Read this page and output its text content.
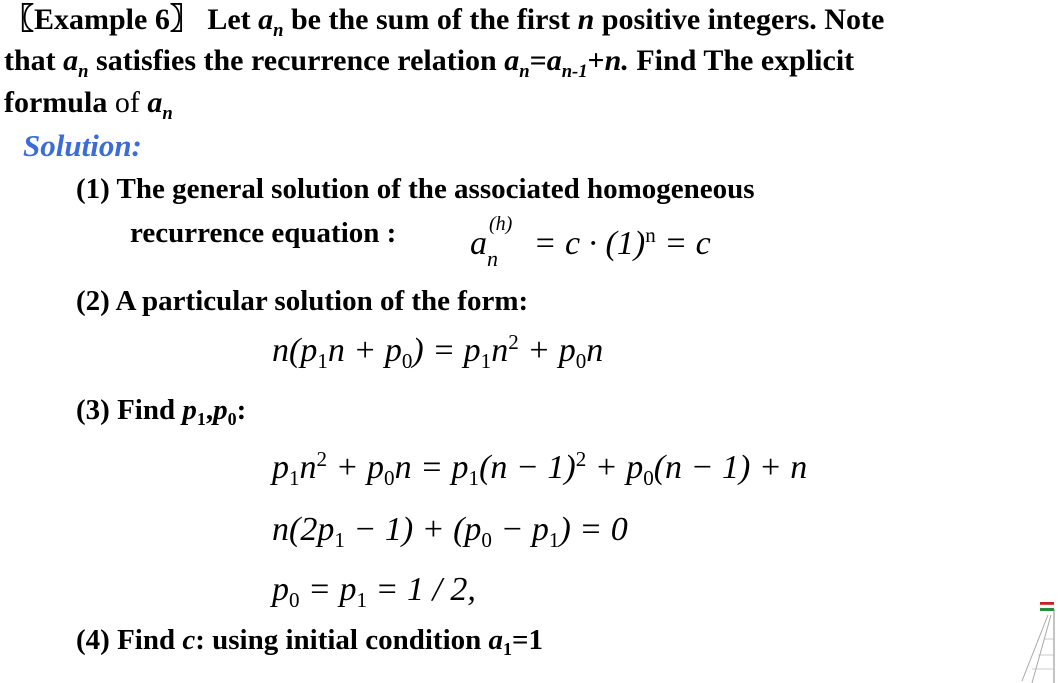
〖Example 6〗 Let $a_n$ be the sum of the first n positive integers. Note
that $a_n$ satisfies the recurrence relation $a_n=a_{n-1}+n$. Find The explicit
formula of $a_n$
Solution:
(1) The general solution of the associated homogeneous
recurrence equation : a
(h)
$n = c \cdot (1)^n = c$
(2) A particular solution of the form:
$n(p_1n + p_0) = p_1n^2 + p_0n$
(3) Find $p_1,p_0$:
$p_1n^2 + p_0n = p_1(n - 1)^2 + p_0(n - 1) + n$
$n(2p_1 - 1) + (p_0 - p_1) = 0$
$p_0 = p_1 = 1 / 2$,
(4) Find c: using initial condition $a_1=1$
